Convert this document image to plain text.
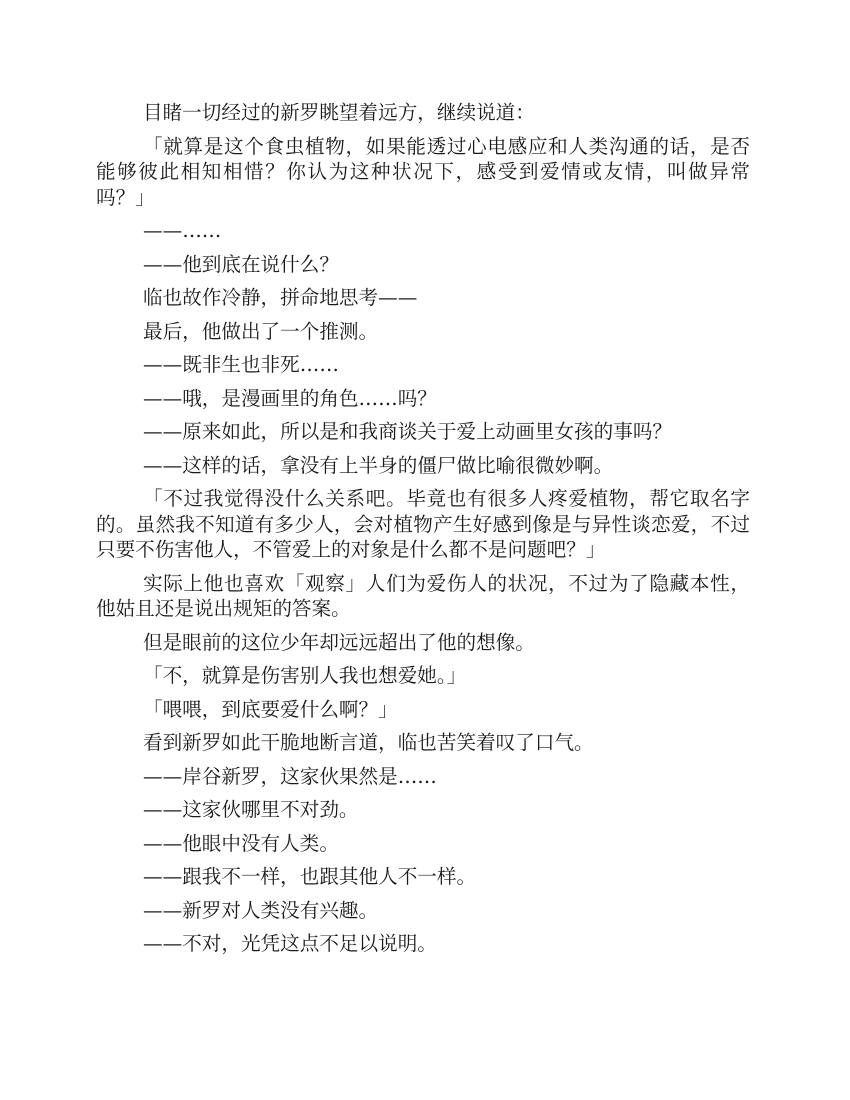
目睹一切经过的新罗眺望着远方，继续说道：

「就算是这个食虫植物，如果能透过心电感应和人类沟通的话，是否能够彼此相知相惜？你认为这种状况下，感受到爱情或友情，叫做异常吗？」

——……

——他到底在说什么？

临也故作冷静，拼命地思考——

最后，他做出了一个推测。

——既非生也非死……

——哦，是漫画里的角色……吗？

——原来如此，所以是和我商谈关于爱上动画里女孩的事吗？

——这样的话，拿没有上半身的僵尸做比喻很微妙啊。

「不过我觉得没什么关系吧。毕竟也有很多人疼爱植物，帮它取名字的。虽然我不知道有多少人，会对植物产生好感到像是与异性谈恋爱，不过只要不伤害他人，不管爱上的对象是什么都不是问题吧？」

实际上他也喜欢「观察」人们为爱伤人的状况，不过为了隐藏本性，他姑且还是说出规矩的答案。

但是眼前的这位少年却远远超出了他的想像。

「不，就算是伤害别人我也想爱她。」

「喂喂，到底要爱什么啊？」

看到新罗如此干脆地断言道，临也苦笑着叹了口气。

——岸谷新罗，这家伙果然是……

——这家伙哪里不对劲。

——他眼中没有人类。

——跟我不一样，也跟其他人不一样。

——新罗对人类没有兴趣。

——不对，光凭这点不足以说明。
